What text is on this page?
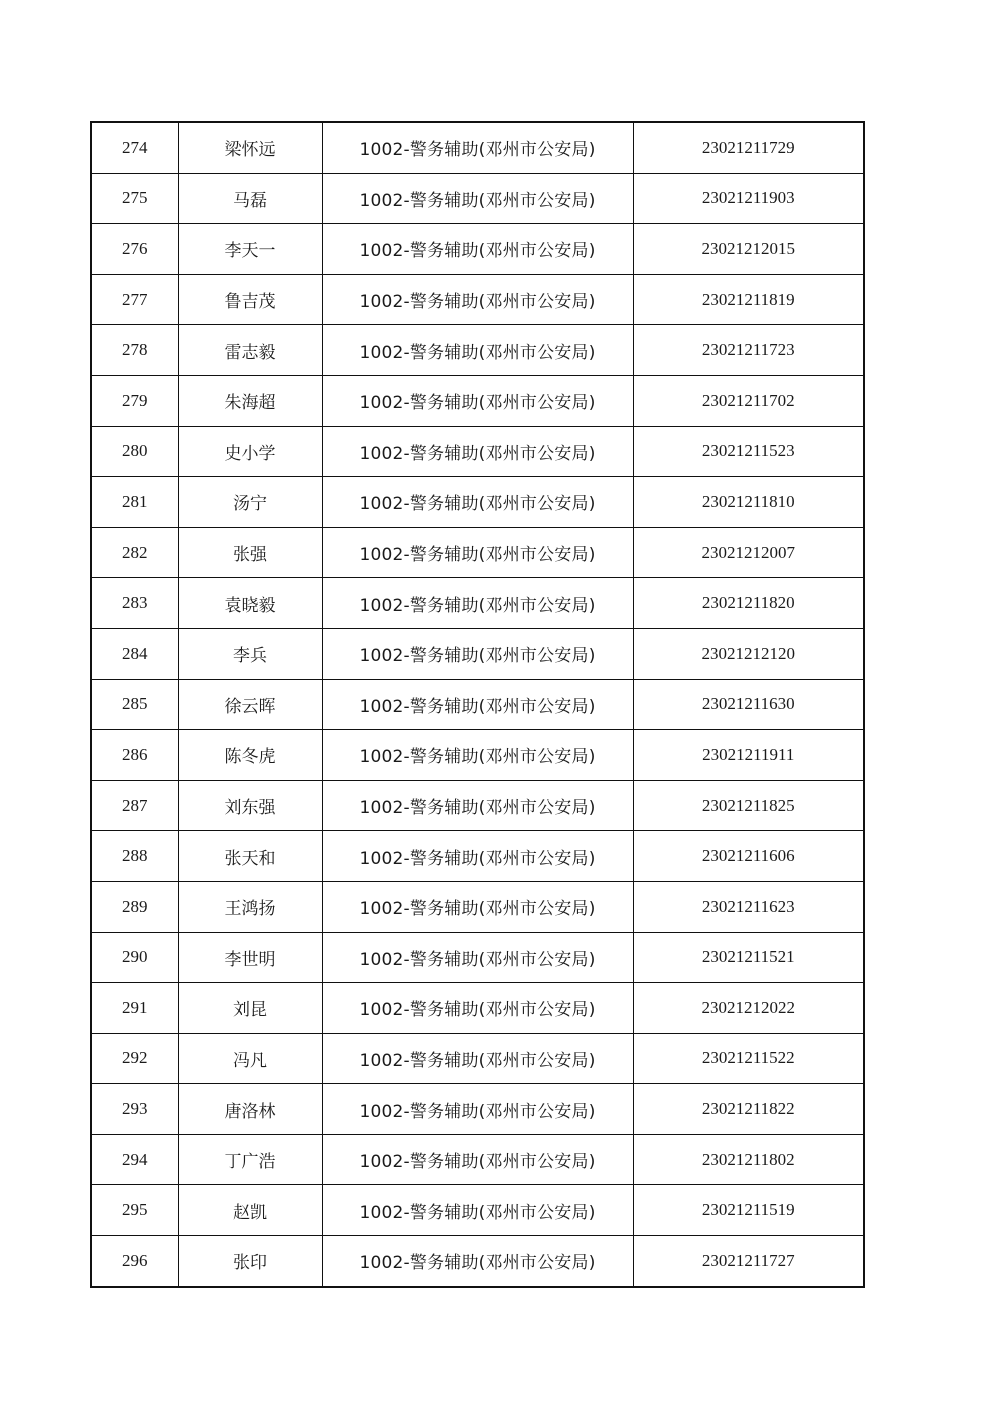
274	梁怀远	1002-警务辅助(邓州市公安局)	23021211729
275	马磊	1002-警务辅助(邓州市公安局)	23021211903
276	李天一	1002-警务辅助(邓州市公安局)	23021212015
277	鲁吉茂	1002-警务辅助(邓州市公安局)	23021211819
278	雷志毅	1002-警务辅助(邓州市公安局)	23021211723
279	朱海超	1002-警务辅助(邓州市公安局)	23021211702
280	史小学	1002-警务辅助(邓州市公安局)	23021211523
281	汤宁	1002-警务辅助(邓州市公安局)	23021211810
282	张强	1002-警务辅助(邓州市公安局)	23021212007
283	袁晓毅	1002-警务辅助(邓州市公安局)	23021211820
284	李兵	1002-警务辅助(邓州市公安局)	23021212120
285	徐云晖	1002-警务辅助(邓州市公安局)	23021211630
286	陈冬虎	1002-警务辅助(邓州市公安局)	23021211911
287	刘东强	1002-警务辅助(邓州市公安局)	23021211825
288	张天和	1002-警务辅助(邓州市公安局)	23021211606
289	王鸿扬	1002-警务辅助(邓州市公安局)	23021211623
290	李世明	1002-警务辅助(邓州市公安局)	23021211521
291	刘昆	1002-警务辅助(邓州市公安局)	23021212022
292	冯凡	1002-警务辅助(邓州市公安局)	23021211522
293	唐洛林	1002-警务辅助(邓州市公安局)	23021211822
294	丁广浩	1002-警务辅助(邓州市公安局)	23021211802
295	赵凯	1002-警务辅助(邓州市公安局)	23021211519
296	张印	1002-警务辅助(邓州市公安局)	23021211727
